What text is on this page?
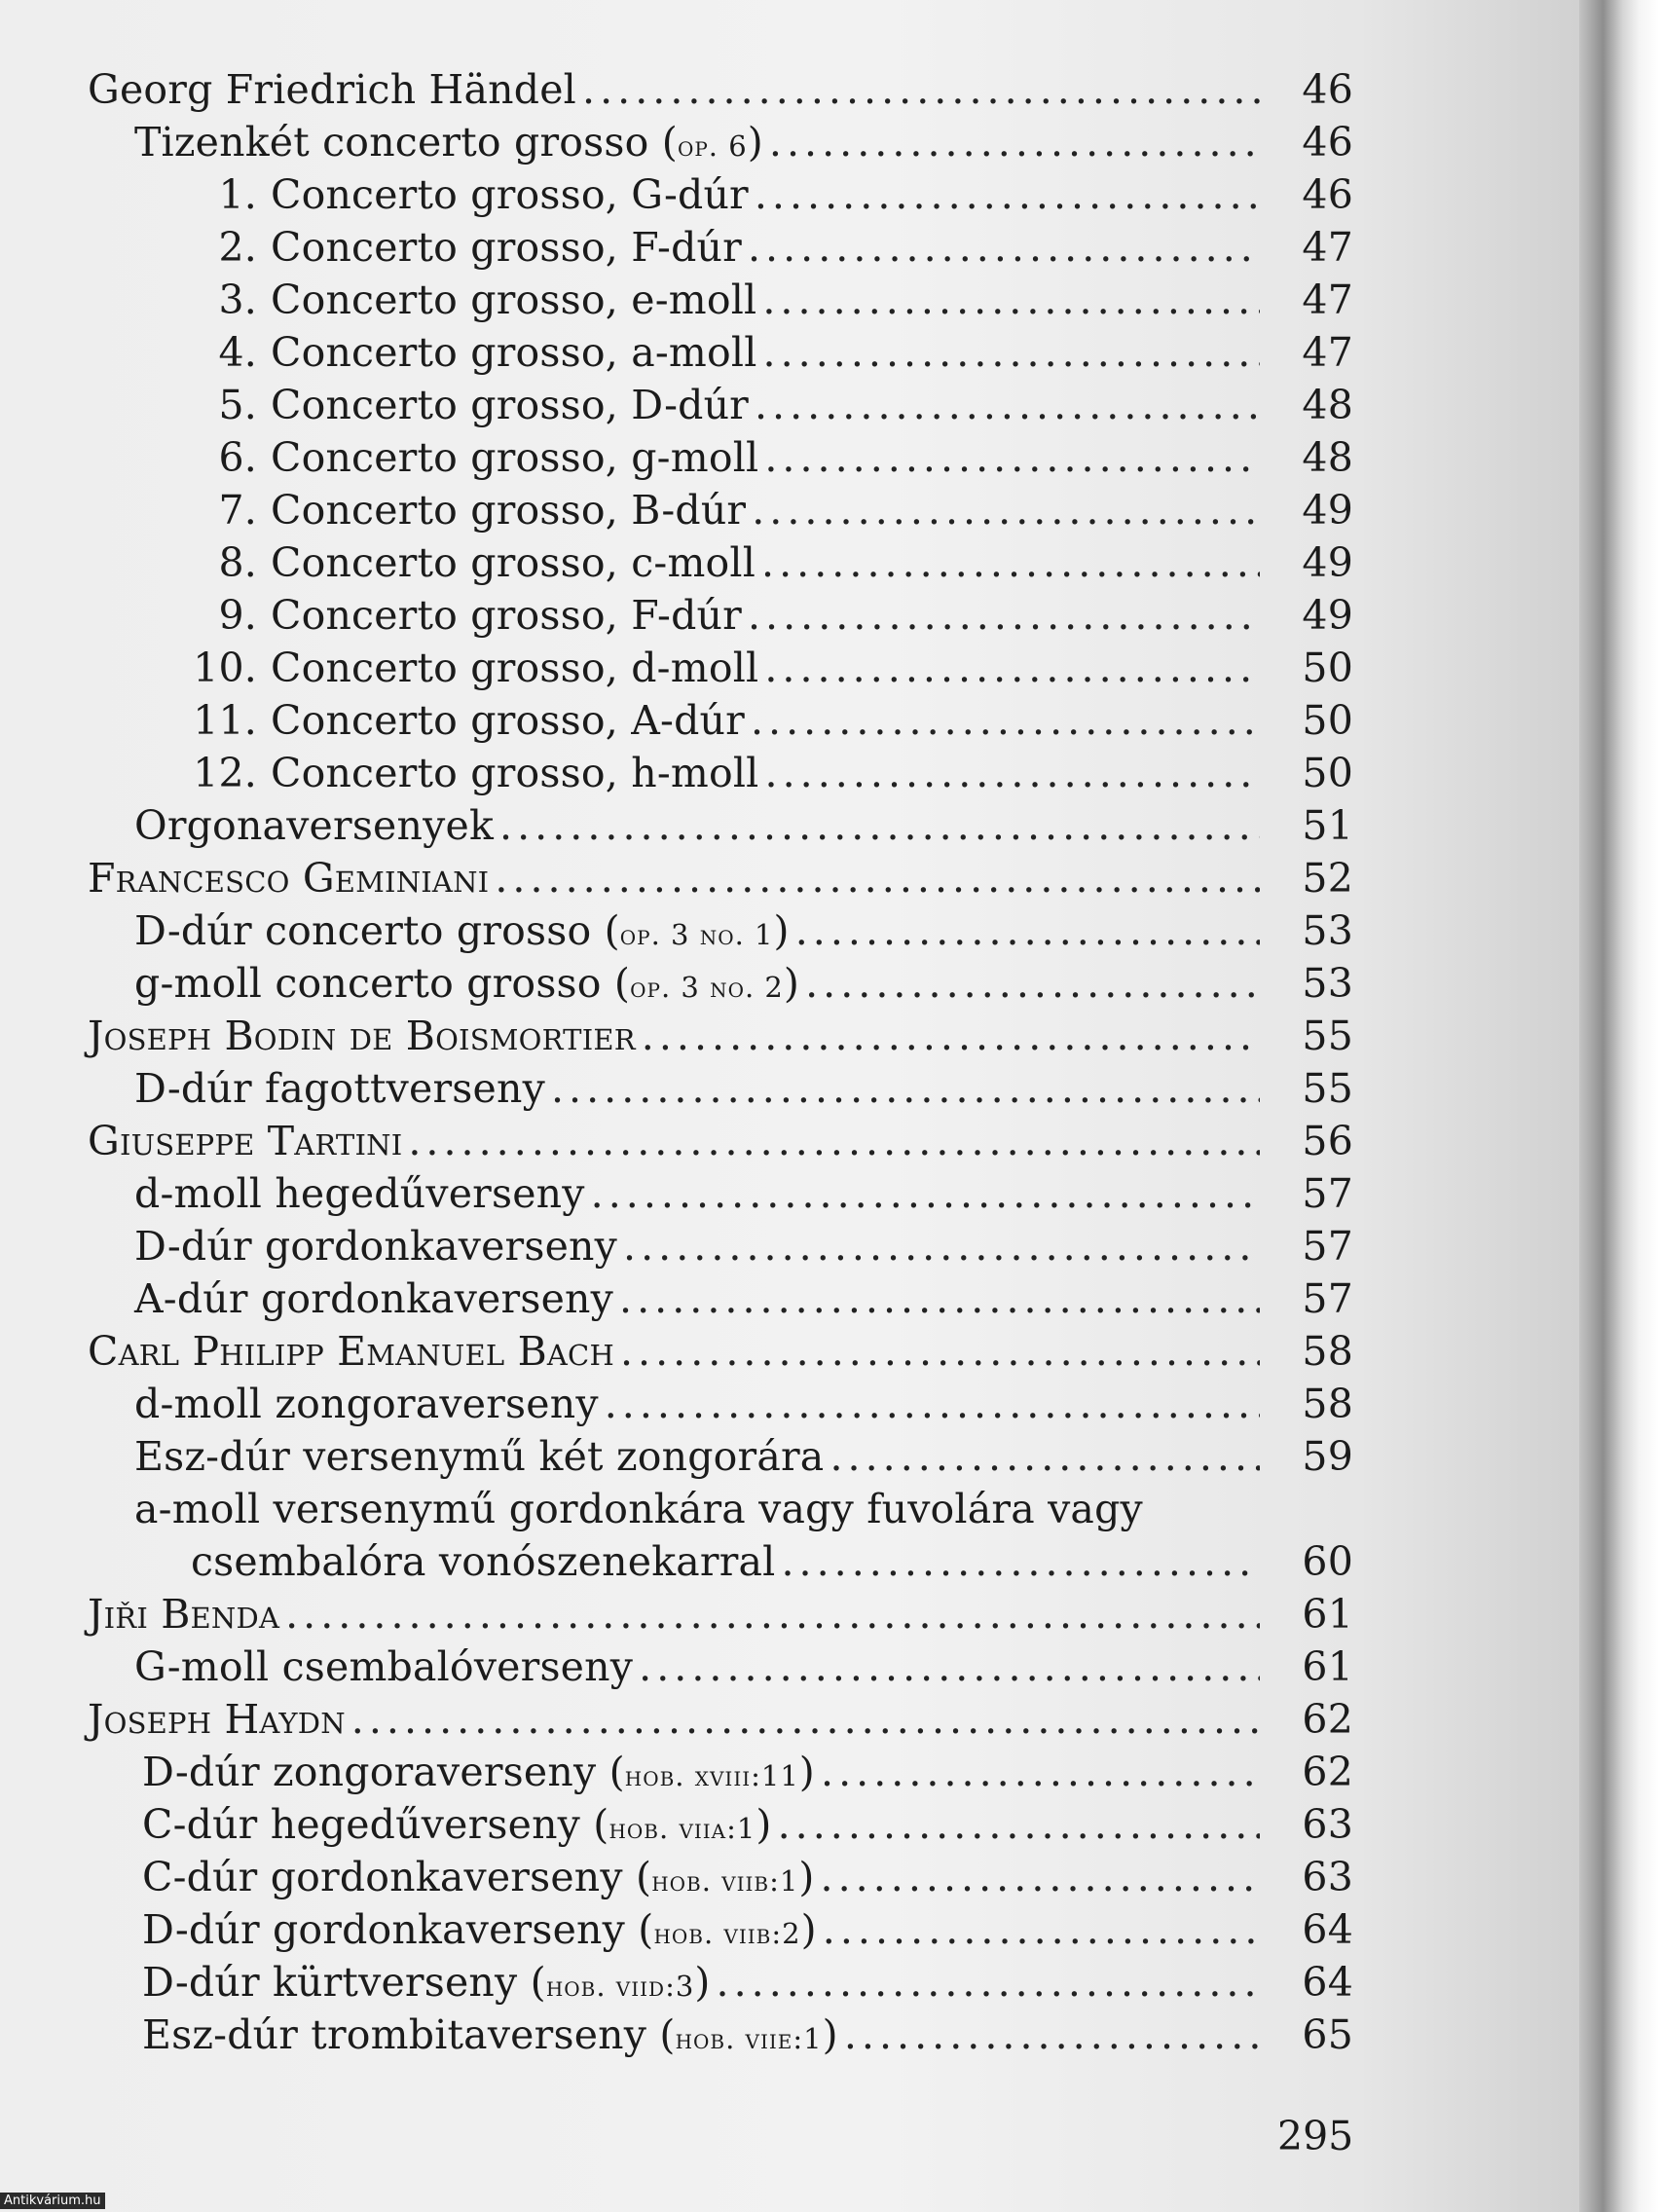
Georg Friedrich Händel . . .	46
Tizenkét concerto grosso ( op. 6 ) . . .	46
1. Concerto grosso, G-dúr . . .	46
2. Concerto grosso, F-dúr . . .	47
3. Concerto grosso, e-moll . . .	47
4. Concerto grosso, a-moll . . .	47
5. Concerto grosso, D-dúr . . .	48
6. Concerto grosso, g-moll . . .	48
7. Concerto grosso, B-dúr . . .	49
8. Concerto grosso, c-moll . . .	49
9. Concerto grosso, F-dúr . . .	49
10. Concerto grosso, d-moll . . .	50
11. Concerto grosso, A-dúr . . .	50
12. Concerto grosso, h-moll . . .	50
Orgonaversenyek . . .	51
Francesco Geminiani . . .	52
D-dúr concerto grosso ( op. 3 no. 1 ) . . .	53
g-moll concerto grosso ( op. 3 no. 2 ) . . .	53
Joseph Bodin de Boismortier . . .	55
D-dúr fagottverseny . . .	55
Giuseppe Tartini . . .	56
d-moll hegedűverseny . . .	57
D-dúr gordonkaverseny . . .	57
A-dúr gordonkaverseny . . .	57
Carl Philipp Emanuel Bach . . .	58
d-moll zongoraverseny . . .	58
Esz-dúr versenymű két zongorára . . .	59
a-moll versenymű gordonkára vagy fuvolára vagy
csembalóra vonószenekarral . . .	60
Jiři Benda . . .	61
G-moll csembalóverseny . . .	61
Joseph Haydn . . .	62
D-dúr zongoraverseny ( hob. xviii:11 ) . . .	62
C-dúr hegedűverseny ( hob. viia:1 ) . . .	63
C-dúr gordonkaverseny ( hob. viib:1 ) . . .	63
D-dúr gordonkaverseny ( hob. viib:2 ) . . .	64
D-dúr kürtverseny ( hob. viid:3 ) . . .	64
Esz-dúr trombitaverseny ( hob. viie:1 ) . . .	65
295
Antikvárium.hu
